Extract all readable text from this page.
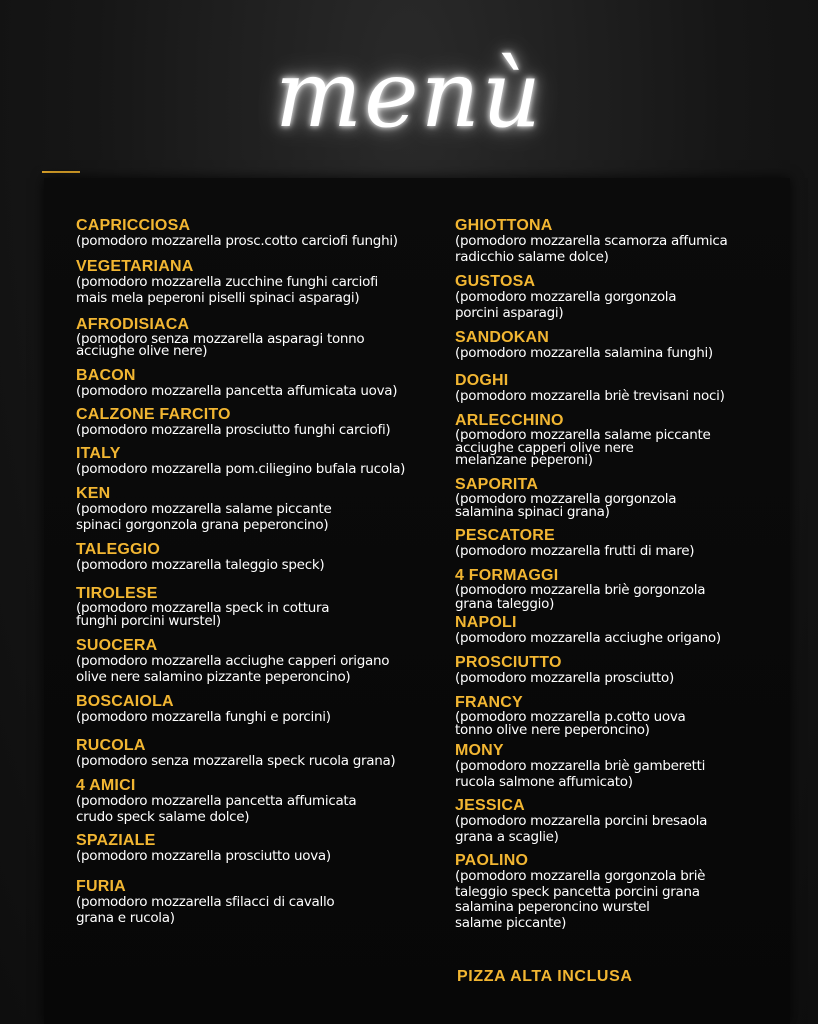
menù
CAPRICCIOSA
(pomodoro mozzarella prosc.cotto carciofi funghi)
VEGETARIANA
(pomodoro mozzarella zucchine funghi carciofi
mais mela peperoni piselli spinaci asparagi)
AFRODISIACA
(pomodoro senza mozzarella asparagi tonno
acciughe olive nere)
BACON
(pomodoro mozzarella pancetta affumicata uova)
CALZONE FARCITO
(pomodoro mozzarella prosciutto funghi carciofi)
ITALY
(pomodoro mozzarella pom.ciliegino bufala rucola)
KEN
(pomodoro mozzarella salame piccante
spinaci gorgonzola grana peperoncino)
TALEGGIO
(pomodoro mozzarella taleggio speck)
TIROLESE
(pomodoro mozzarella speck in cottura
funghi porcini wurstel)
SUOCERA
(pomodoro mozzarella acciughe capperi origano
olive nere salamino pizzante peperoncino)
BOSCAIOLA
(pomodoro mozzarella funghi e porcini)
RUCOLA
(pomodoro senza mozzarella speck rucola grana)
4 AMICI
(pomodoro mozzarella pancetta affumicata
crudo speck salame dolce)
SPAZIALE
(pomodoro mozzarella prosciutto uova)
FURIA
(pomodoro mozzarella sfilacci di cavallo
grana e rucola)
GHIOTTONA
(pomodoro mozzarella scamorza affumica
radicchio salame dolce)
GUSTOSA
(pomodoro mozzarella gorgonzola
porcini asparagi)
SANDOKAN
(pomodoro mozzarella salamina funghi)
DOGHI
(pomodoro mozzarella briè trevisani noci)
ARLECCHINO
(pomodoro mozzarella salame piccante
acciughe capperi olive nere
melanzane peperoni)
SAPORITA
(pomodoro mozzarella gorgonzola
salamina spinaci grana)
PESCATORE
(pomodoro mozzarella frutti di mare)
4 FORMAGGI
(pomodoro mozzarella briè gorgonzola
grana taleggio)
NAPOLI
(pomodoro mozzarella acciughe origano)
PROSCIUTTO
(pomodoro mozzarella prosciutto)
FRANCY
(pomodoro mozzarella p.cotto uova
tonno olive nere peperoncino)
MONY
(pomodoro mozzarella briè gamberetti
rucola salmone affumicato)
JESSICA
(pomodoro mozzarella porcini bresaola
grana a scaglie)
PAOLINO
(pomodoro mozzarella gorgonzola briè
taleggio speck pancetta porcini grana
salamina peperoncino wurstel
salame piccante)
PIZZA ALTA INCLUSA
